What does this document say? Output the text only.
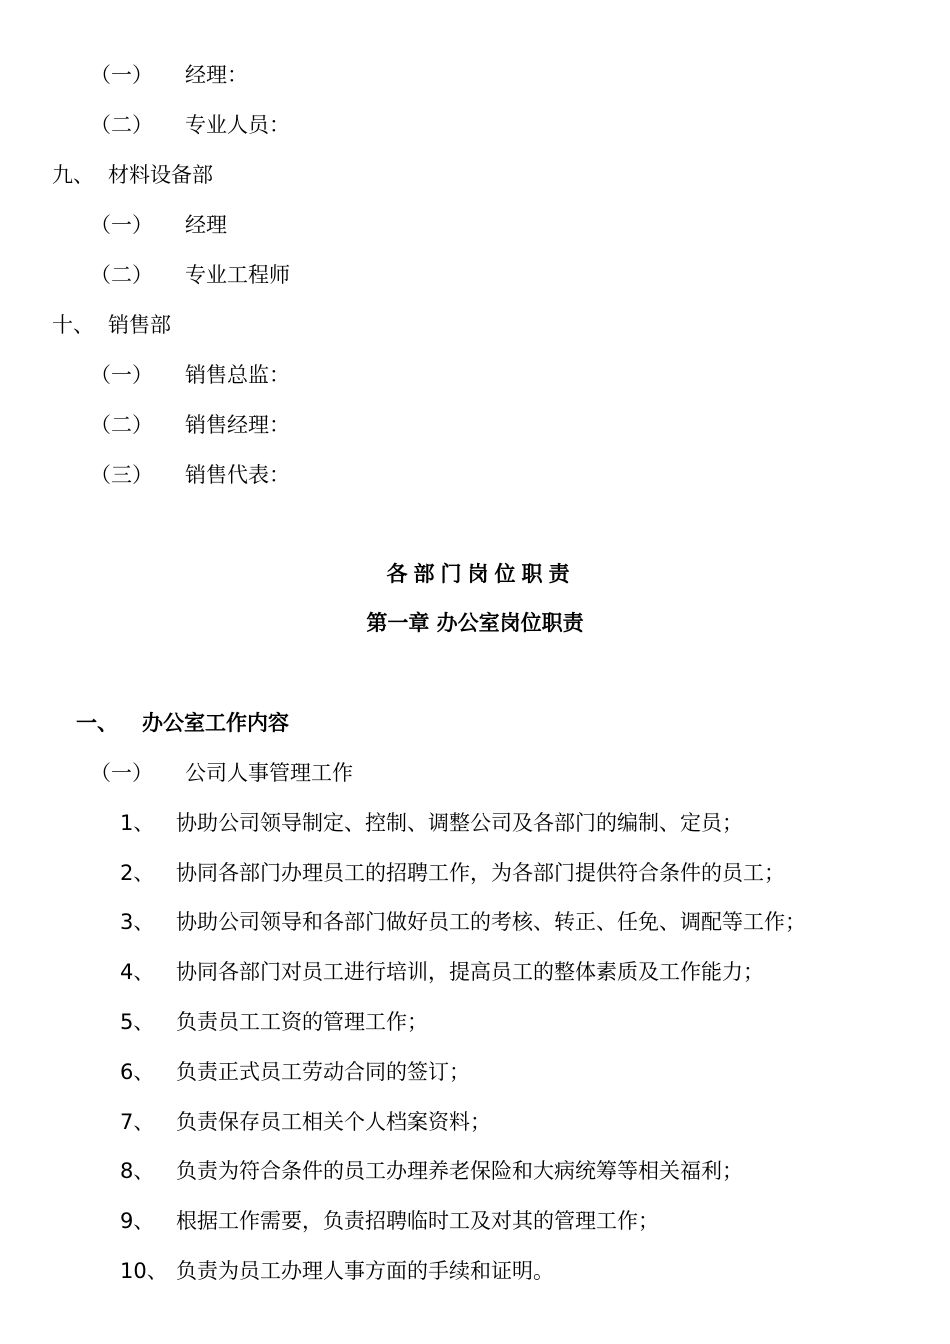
（一） 经理：
（二） 专业人员：
九、 材料设备部
（一） 经理
（二） 专业工程师
十、 销售部
（一） 销售总监：
（二） 销售经理：
（三） 销售代表：
各部门岗位职责
第一章 办公室岗位职责
一、 办公室工作内容
（一） 公司人事管理工作
1、 协助公司领导制定、控制、调整公司及各部门的编制、定员；
2、 协同各部门办理员工的招聘工作，为各部门提供符合条件的员工；
3、 协助公司领导和各部门做好员工的考核、转正、任免、调配等工作；
4、 协同各部门对员工进行培训，提高员工的整体素质及工作能力；
5、 负责员工工资的管理工作；
6、 负责正式员工劳动合同的签订；
7、 负责保存员工相关个人档案资料；
8、 负责为符合条件的员工办理养老保险和大病统筹等相关福利；
9、 根据工作需要，负责招聘临时工及对其的管理工作；
10、 负责为员工办理人事方面的手续和证明。
